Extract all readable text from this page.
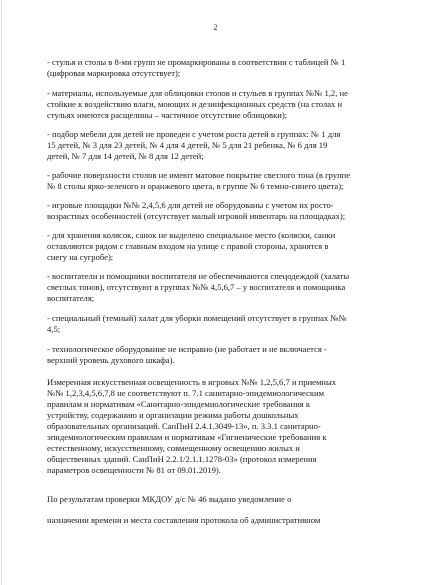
2
- стулья и столы в 8-ми групп не промаркированы в соответствии с таблицей № 1
(цифровая маркировка отсутствует);
- материалы, используемые для облицовки столов и стульев в группах №№ 1,2, не
стойкие к воздействию влаги, моющих и дезинфекционных средств (на столах и
стульях имеются расщелины – частичное отсутствие облицовки);
- подбор мебели для детей не проведен с учетом роста детей в группах: № 1 для
15 детей, № 3 для 23 детей, № 4 для 4 детей, № 5 для 21 ребенка, № 6 для 19
детей, № 7 для 14 детей, № 8 для 12 детей;
- рабочие поверхности столов не имеют матовое покрытие светлого тона (в группе
№ 8 столы ярко-зеленого и оранжевого цвета, в группе № 6 темно-синего цвета);
- игровые площадки №№ 2,4,5,6 для детей не оборудованы с учетом их росто-
возрастных особенностей (отсутствует малый игровой инвентарь на площадках);
- для хранения колясок, санок не выделено специальное место (коляски, санки
оставляются рядом с главным входом на улице с правой стороны, хранятся в
снегу на сугробе);
- воспитатели и помощники воспитателя не обеспечиваются спецодеждой (халаты
светлых тонов), отсутствуют в группах №№ 4,5,6,7 – у воспитателя и помощника
воспитателя;
- специальный (темный) халат для уборки помещений отсутствует в группах №№
4,5;
- технологическое оборудование не исправно (не работает и не включается -
верхний уровень духового шкафа).
Измеренная искусственная освещенность в игровых №№ 1,2,5,6,7 и приемных
№№ 1,2,3,4,5,6,7,8 не соответствуют п. 7.1 санитарно-эпидемиологическим
правилам и нормативам «Санитарно-эпидемиологические требования к
устройству, содержанию и организации режима работы дошкольных
образовательных организаций. СанПиН 2.4.1.3049-13», п. 3.3.1 санитарно-
эпидемиологическим правилам и нормативам «Гигиенические требования к
естественному, искусственному, совмещенному освещению жилых и
общественных зданий. СанПиН 2.2.1/2.1.1.1278-03» (протокол измерения
параметров освещенности № 81 от 09.01.2019).
По результатам проверки МКДОУ д/с № 46 выдано уведомление о
назначении времени и места составления протокола об административном
